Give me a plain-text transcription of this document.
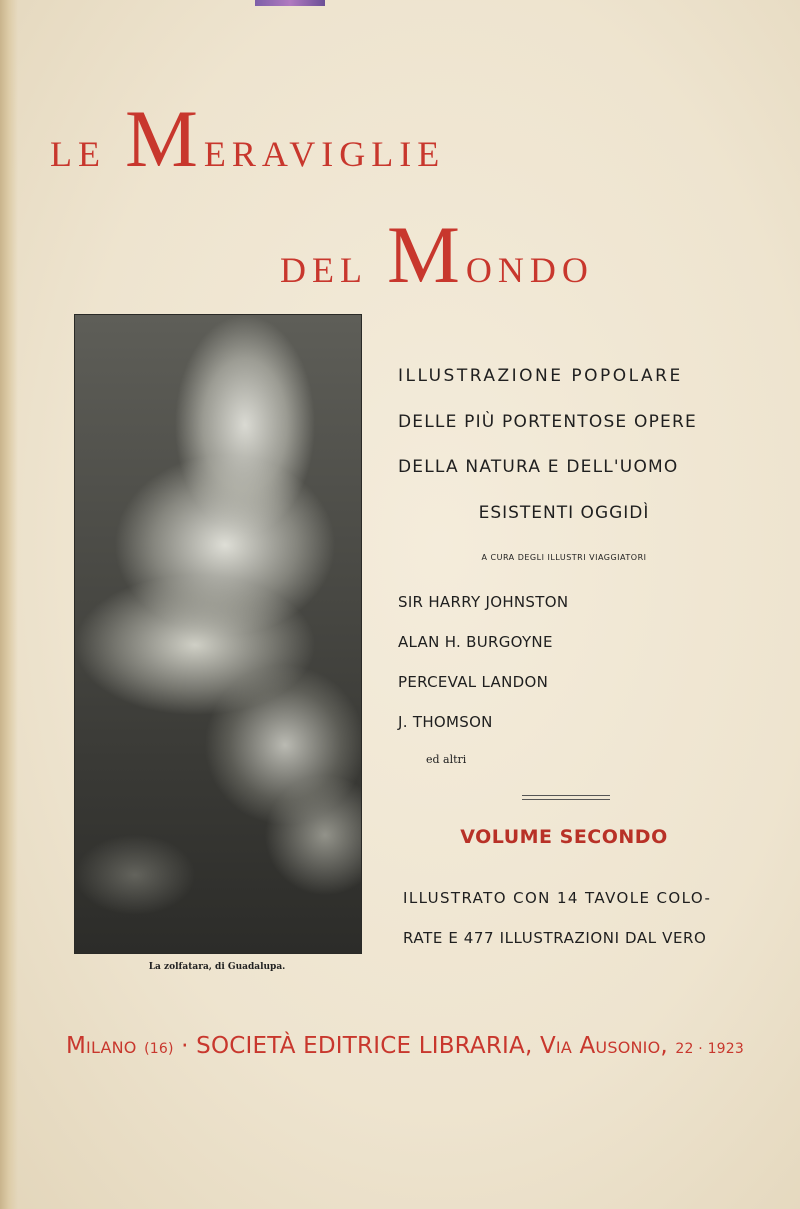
le Meraviglie
del Mondo
La zolfatara, di Guadalupa.
ILLUSTRAZIONE POPOLARE
DELLE PIÙ PORTENTOSE OPERE
DELLA NATURA E DELL'UOMO
ESISTENTI OGGIDÌ
A CURA DEGLI ILLUSTRI VIAGGIATORI
SIR HARRY JOHNSTON
ALAN H. BURGOYNE
PERCEVAL LANDON
J. THOMSON
ed altri
VOLUME SECONDO
ILLUSTRATO CON 14 TAVOLE COLO-
RATE E 477 ILLUSTRAZIONI DAL VERO
Milano (16) · SOCIETÀ EDITRICE LIBRARIA, Via Ausonio, 22 · 1923
